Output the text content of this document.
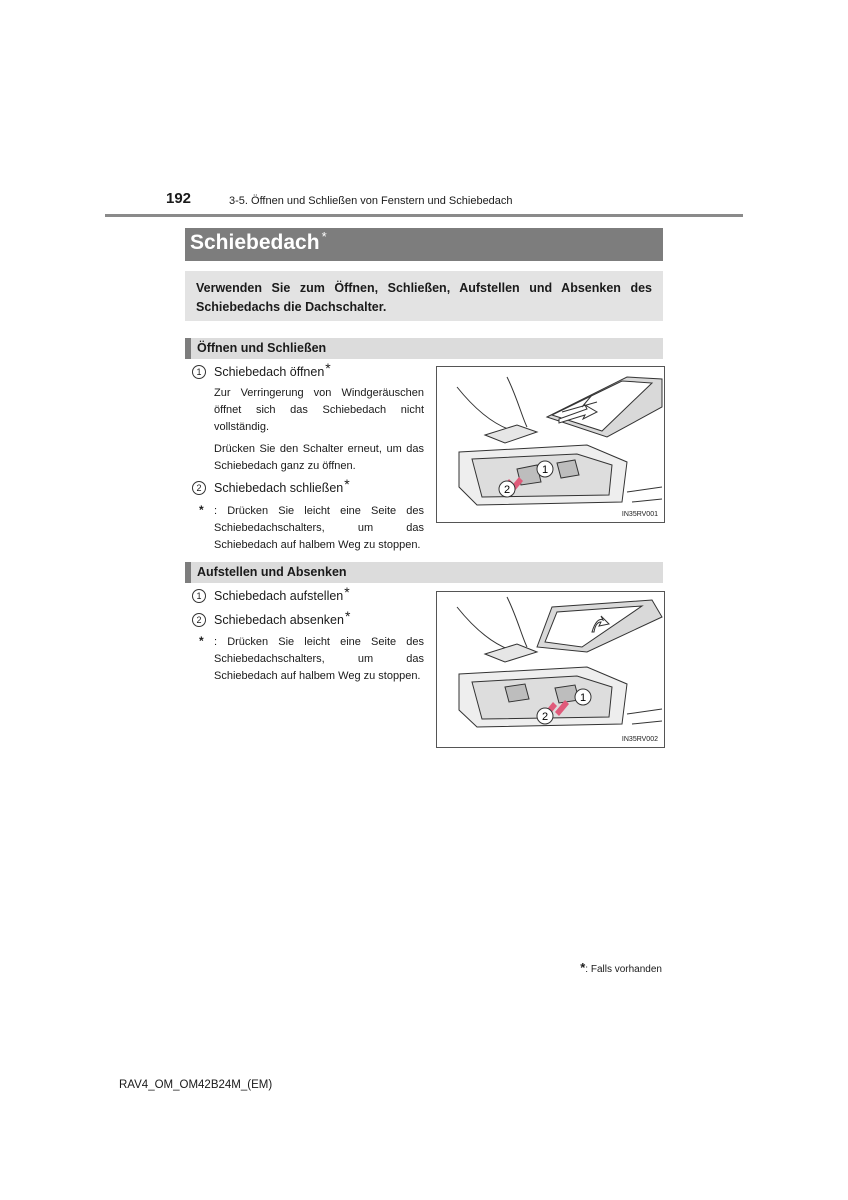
192	3-5. Öffnen und Schließen von Fenstern und Schiebedach
Schiebedach *
Verwenden Sie zum Öffnen, Schließen, Aufstellen und Absenken des Schiebedachs die Dachschalter.
Öffnen und Schließen
1	Schiebedach öffnen *
Zur Verringerung von Windgeräuschen öffnet sich das Schiebedach nicht vollständig.
Drücken Sie den Schalter erneut, um das Schiebedach ganz zu öffnen.
2	Schiebedach schließen *
* : Drücken Sie leicht eine Seite des Schiebedachschalters, um das Schiebedach auf halbem Weg zu stoppen.
1
2
IN35RV001
Aufstellen und Absenken
1	Schiebedach aufstellen *
2	Schiebedach absenken *
* : Drücken Sie leicht eine Seite des Schiebedachschalters, um das Schiebedach auf halbem Weg zu stoppen.
1
2
IN35RV002
*: Falls vorhanden
RAV4_OM_OM42B24M_(EM)
